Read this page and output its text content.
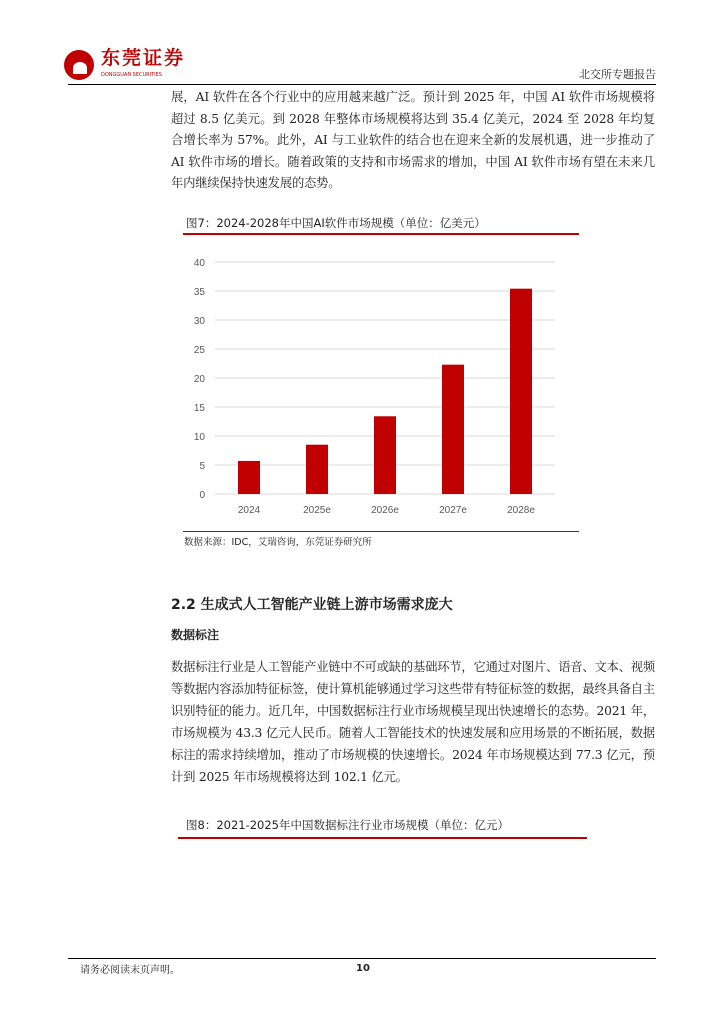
东莞证券
DONGGUAN SECURITIES	北交所专题报告
展，AI 软件在各个行业中的应用越来越广泛。预计到 2025 年，中国 AI 软件市场规模将超过 8.5 亿美元。到 2028 年整体市场规模将达到 35.4 亿美元，2024 至 2028 年均复合增长率为 57%。此外，AI 与工业软件的结合也在迎来全新的发展机遇，进一步推动了 AI 软件市场的增长。随着政策的支持和市场需求的增加，中国 AI 软件市场有望在未来几年内继续保持快速发展的态势。
图7：2024-2028年中国AI软件市场规模（单位：亿美元）
0
5
10
15
20
25
30
35
40
2024	2025e	2026e	2027e	2028e
数据来源：IDC，艾瑞咨询，东莞证券研究所
2.2 生成式人工智能产业链上游市场需求庞大
数据标注
数据标注行业是人工智能产业链中不可或缺的基础环节，它通过对图片、语音、文本、视频等数据内容添加特征标签，使计算机能够通过学习这些带有特征标签的数据，最终具备自主识别特征的能力。近几年，中国数据标注行业市场规模呈现出快速增长的态势。2021 年，市场规模为 43.3 亿元人民币。随着人工智能技术的快速发展和应用场景的不断拓展，数据标注的需求持续增加，推动了市场规模的快速增长。2024 年市场规模达到 77.3 亿元，预计到 2025 年市场规模将达到 102.1 亿元。
图8：2021-2025年中国数据标注行业市场规模（单位：亿元）
请务必阅读末页声明。	10
